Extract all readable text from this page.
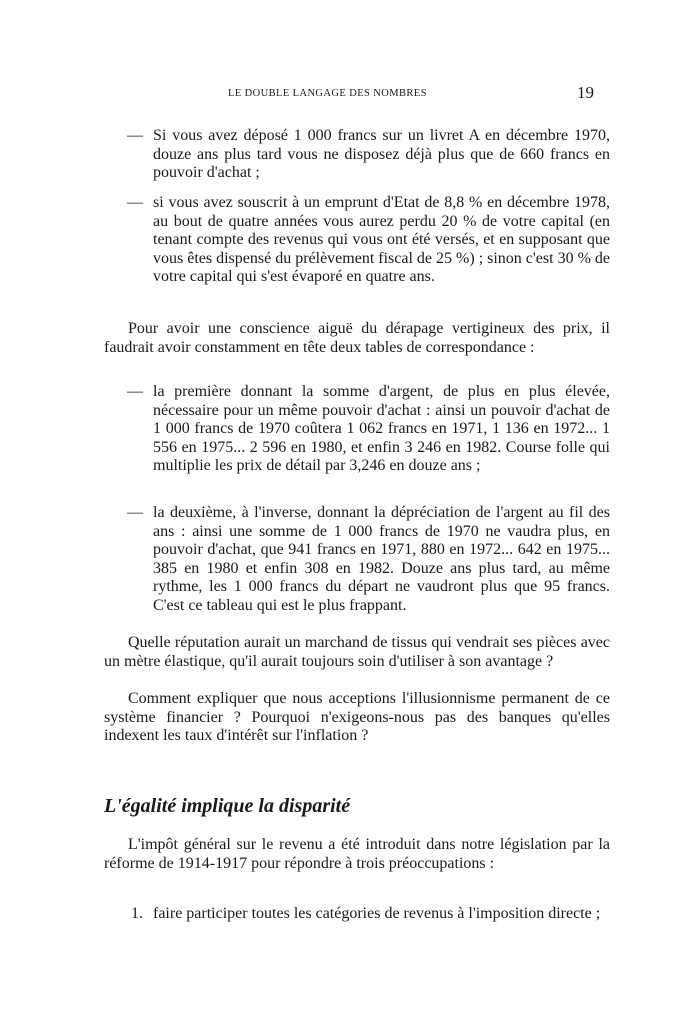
LE DOUBLE LANGAGE DES NOMBRES	19
— Si vous avez déposé 1 000 francs sur un livret A en décembre 1970, douze ans plus tard vous ne disposez déjà plus que de 660 francs en pouvoir d'achat ;
— si vous avez souscrit à un emprunt d'Etat de 8,8 % en décembre 1978, au bout de quatre années vous aurez perdu 20 % de votre capital (en tenant compte des revenus qui vous ont été versés, et en supposant que vous êtes dispensé du prélèvement fiscal de 25 %) ; sinon c'est 30 % de votre capital qui s'est évaporé en quatre ans.
Pour avoir une conscience aiguë du dérapage vertigineux des prix, il faudrait avoir constamment en tête deux tables de correspondance :
— la première donnant la somme d'argent, de plus en plus élevée, nécessaire pour un même pouvoir d'achat : ainsi un pouvoir d'achat de 1 000 francs de 1970 coûtera 1 062 francs en 1971, 1 136 en 1972... 1 556 en 1975... 2 596 en 1980, et enfin 3 246 en 1982. Course folle qui multiplie les prix de détail par 3,246 en douze ans ;
— la deuxième, à l'inverse, donnant la dépréciation de l'argent au fil des ans : ainsi une somme de 1 000 francs de 1970 ne vaudra plus, en pouvoir d'achat, que 941 francs en 1971, 880 en 1972... 642 en 1975... 385 en 1980 et enfin 308 en 1982. Douze ans plus tard, au même rythme, les 1 000 francs du départ ne vaudront plus que 95 francs. C'est ce tableau qui est le plus frappant.
Quelle réputation aurait un marchand de tissus qui vendrait ses pièces avec un mètre élastique, qu'il aurait toujours soin d'utiliser à son avantage ?
Comment expliquer que nous acceptions l'illusionnisme permanent de ce système financier ? Pourquoi n'exigeons-nous pas des banques qu'elles indexent les taux d'intérêt sur l'inflation ?
L'égalité implique la disparité
L'impôt général sur le revenu a été introduit dans notre législation par la réforme de 1914-1917 pour répondre à trois préoccupations :
1. faire participer toutes les catégories de revenus à l'imposition directe ;
